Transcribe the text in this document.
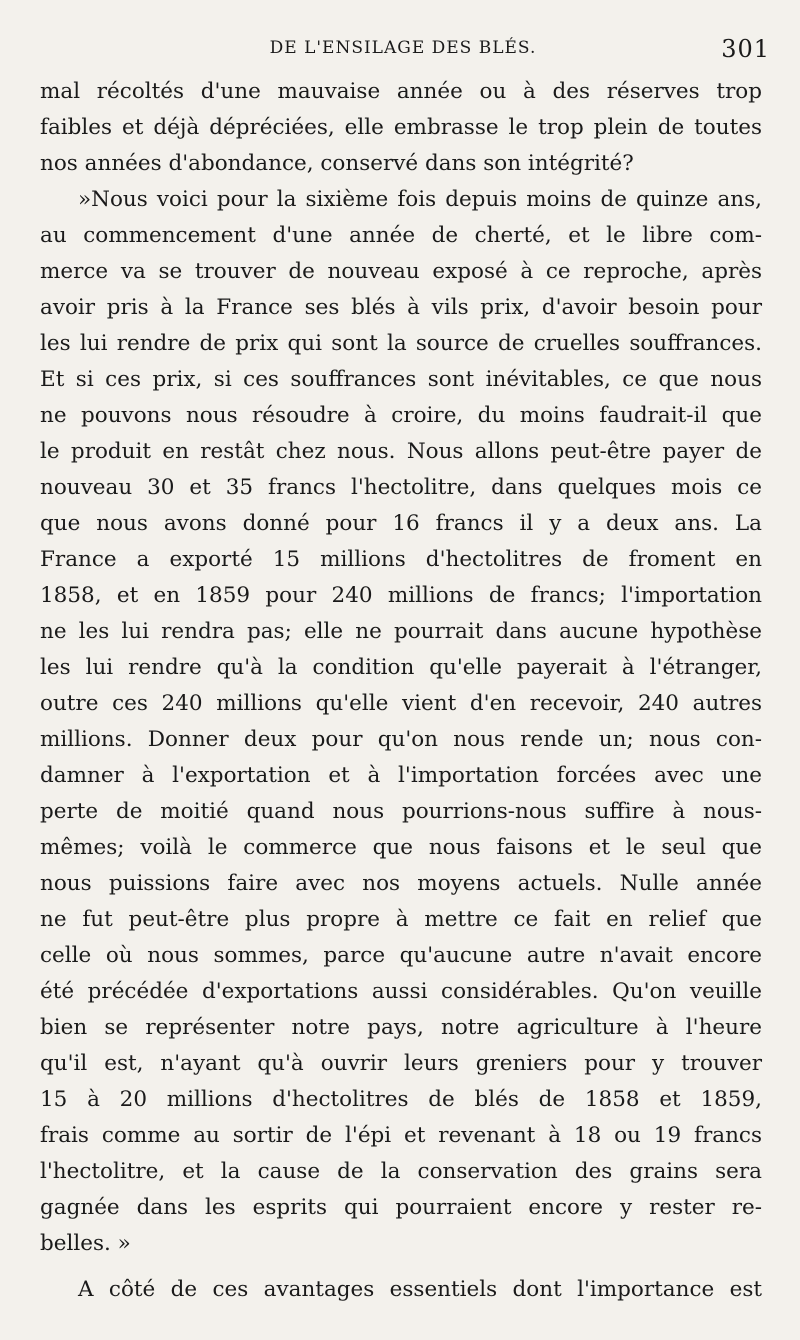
DE L'ENSILAGE DES BLÉS.	301
mal récoltés d'une mauvaise année ou à des réserves trop
faibles et déjà dépréciées, elle embrasse le trop plein de toutes
nos années d'abondance, conservé dans son intégrité?
»Nous voici pour la sixième fois depuis moins de quinze ans,
au commencement d'une année de cherté, et le libre com-
merce va se trouver de nouveau exposé à ce reproche, après
avoir pris à la France ses blés à vils prix, d'avoir besoin pour
les lui rendre de prix qui sont la source de cruelles souffrances.
Et si ces prix, si ces souffrances sont inévitables, ce que nous
ne pouvons nous résoudre à croire, du moins faudrait-il que
le produit en restât chez nous. Nous allons peut-être payer de
nouveau 30 et 35 francs l'hectolitre, dans quelques mois ce
que nous avons donné pour 16 francs il y a deux ans. La
France a exporté 15 millions d'hectolitres de froment en
1858, et en 1859 pour 240 millions de francs; l'importation
ne les lui rendra pas; elle ne pourrait dans aucune hypothèse
les lui rendre qu'à la condition qu'elle payerait à l'étranger,
outre ces 240 millions qu'elle vient d'en recevoir, 240 autres
millions. Donner deux pour qu'on nous rende un; nous con-
damner à l'exportation et à l'importation forcées avec une
perte de moitié quand nous pourrions-nous suffire à nous-
mêmes; voilà le commerce que nous faisons et le seul que
nous puissions faire avec nos moyens actuels. Nulle année
ne fut peut-être plus propre à mettre ce fait en relief que
celle où nous sommes, parce qu'aucune autre n'avait encore
été précédée d'exportations aussi considérables. Qu'on veuille
bien se représenter notre pays, notre agriculture à l'heure
qu'il est, n'ayant qu'à ouvrir leurs greniers pour y trouver
15 à 20 millions d'hectolitres de blés de 1858 et 1859,
frais comme au sortir de l'épi et revenant à 18 ou 19 francs
l'hectolitre, et la cause de la conservation des grains sera
gagnée dans les esprits qui pourraient encore y rester re-
belles. »
A côté de ces avantages essentiels dont l'importance est
